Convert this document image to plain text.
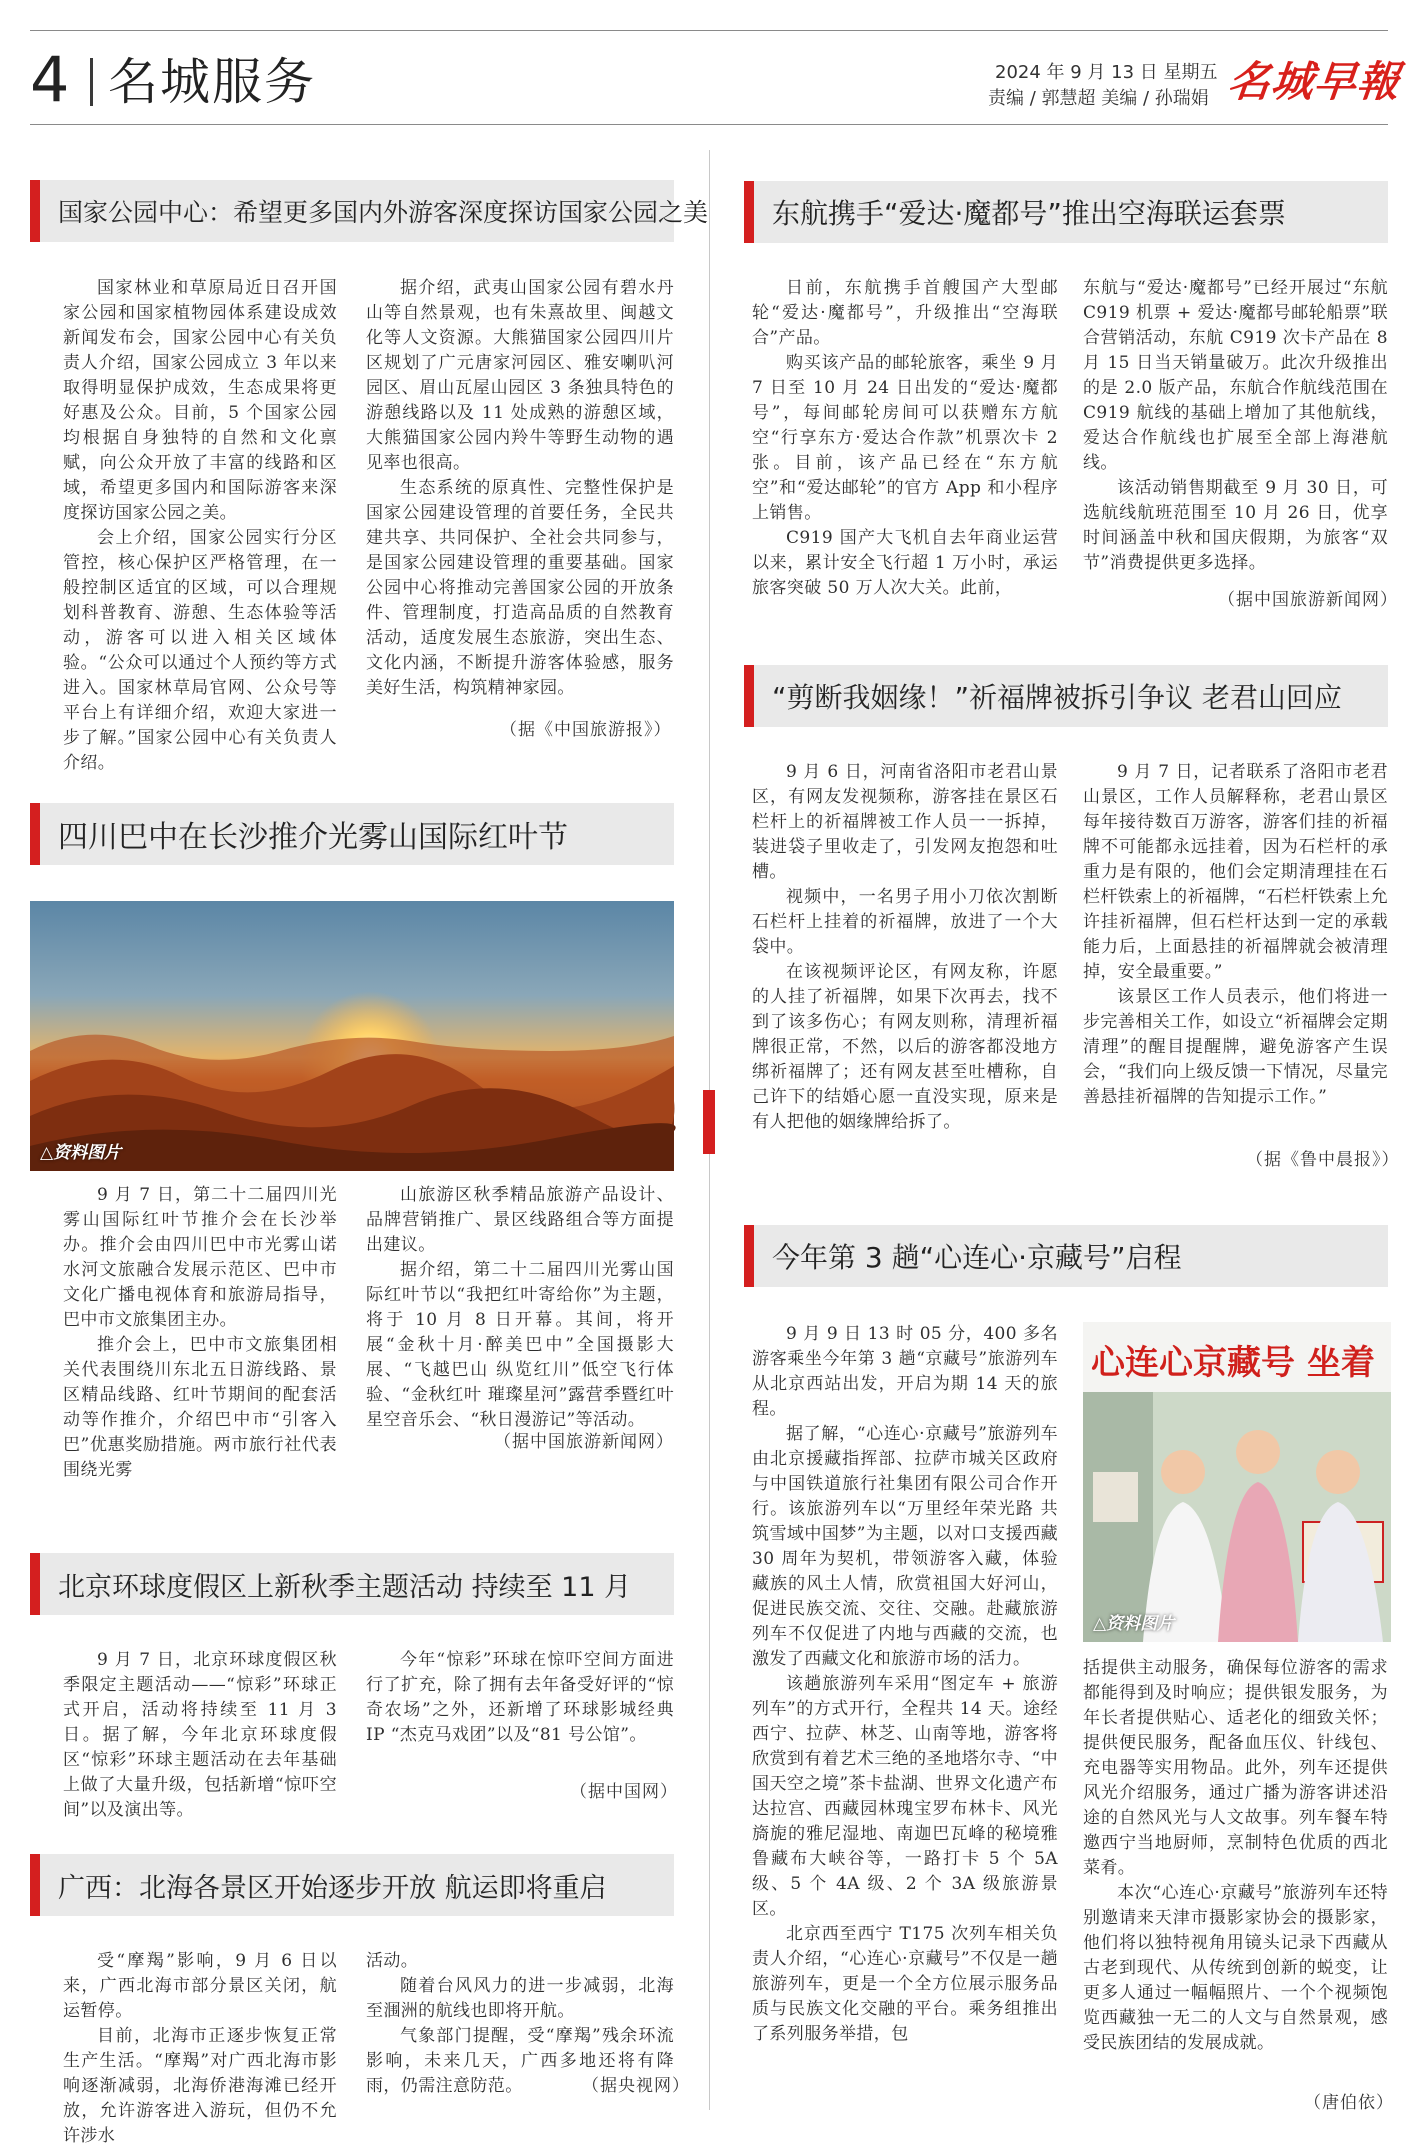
4 名城服务	2024 年 9 月 13 日 星期五
责编 / 郭慧超 美编 / 孙瑞娟 名城早報
国家公园中心：希望更多国内外游客深度探访国家公园之美

国家林业和草原局近日召开国家公园和国家植物园体系建设成效新闻发布会，国家公园中心有关负责人介绍，国家公园成立 3 年以来取得明显保护成效，生态成果将更好惠及公众。目前，5 个国家公园均根据自身独特的自然和文化禀赋，向公众开放了丰富的线路和区域，希望更多国内和国际游客来深度探访国家公园之美。

会上介绍，国家公园实行分区管控，核心保护区严格管理，在一般控制区适宜的区域，可以合理规划科普教育、游憩、生态体验等活动，游客可以进入相关区域体验。“公众可以通过个人预约等方式进入。国家林草局官网、公众号等平台上有详细介绍，欢迎大家进一步了解。”国家公园中心有关负责人介绍。

据介绍，武夷山国家公园有碧水丹山等自然景观，也有朱熹故里、闽越文化等人文资源。大熊猫国家公园四川片区规划了广元唐家河园区、雅安喇叭河园区、眉山瓦屋山园区 3 条独具特色的游憩线路以及 11 处成熟的游憩区域，大熊猫国家公园内羚牛等野生动物的遇见率也很高。

生态系统的原真性、完整性保护是国家公园建设管理的首要任务，全民共建共享、共同保护、全社会共同参与，是国家公园建设管理的重要基础。国家公园中心将推动完善国家公园的开放条件、管理制度，打造高品质的自然教育活动，适度发展生态旅游，突出生态、文化内涵，不断提升游客体验感，服务美好生活，构筑精神家园。

（据《中国旅游报》）
四川巴中在长沙推介光雾山国际红叶节
△资料图片

9 月 7 日，第二十二届四川光雾山国际红叶节推介会在长沙举办。推介会由四川巴中市光雾山诺水河文旅融合发展示范区、巴中市文化广播电视体育和旅游局指导，巴中市文旅集团主办。

推介会上，巴中市文旅集团相关代表围绕川东北五日游线路、景区精品线路、红叶节期间的配套活动等作推介，介绍巴中市“引客入巴”优惠奖励措施。两市旅行社代表围绕光雾

山旅游区秋季精品旅游产品设计、品牌营销推广、景区线路组合等方面提出建议。

据介绍，第二十二届四川光雾山国际红叶节以“我把红叶寄给你”为主题，将于 10 月 8 日开幕。其间，将开展“金秋十月·醉美巴中”全国摄影大展、“飞越巴山 纵览红川”低空飞行体验、“金秋红叶 璀璨星河”露营季暨红叶星空音乐会、“秋日漫游记”等活动。

（据中国旅游新闻网）
北京环球度假区上新秋季主题活动 持续至 11 月

9 月 7 日，北京环球度假区秋季限定主题活动——“惊彩”环球正式开启，活动将持续至 11 月 3 日。据了解，今年北京环球度假区“惊彩”环球主题活动在去年基础上做了大量升级，包括新增“惊吓空间”以及演出等。

今年“惊彩”环球在惊吓空间方面进行了扩充，除了拥有去年备受好评的“惊奇农场”之外，还新增了环球影城经典 IP “杰克马戏团”以及“81 号公馆”。

（据中国网）
广西：北海各景区开始逐步开放 航运即将重启

受“摩羯”影响，9 月 6 日以来，广西北海市部分景区关闭，航运暂停。

目前，北海市正逐步恢复正常生产生活。“摩羯”对广西北海市影响逐渐减弱，北海侨港海滩已经开放，允许游客进入游玩，但仍不允许涉水

活动。

随着台风风力的进一步减弱，北海至涠洲的航线也即将开航。

气象部门提醒，受“摩羯”残余环流影响，未来几天，广西多地还将有降雨，仍需注意防范。	（据央视网）
东航携手“爱达·魔都号”推出空海联运套票

日前，东航携手首艘国产大型邮轮“爱达·魔都号”，升级推出“空海联合”产品。

购买该产品的邮轮旅客，乘坐 9 月 7 日至 10 月 24 日出发的“爱达·魔都号”，每间邮轮房间可以获赠东方航空“行享东方·爱达合作款”机票次卡 2 张。目前，该产品已经在“东方航空”和“爱达邮轮”的官方 App 和小程序上销售。

C919 国产大飞机自去年商业运营以来，累计安全飞行超 1 万小时，承运旅客突破 50 万人次大关。此前，

东航与“爱达·魔都号”已经开展过“东航 C919 机票 + 爱达·魔都号邮轮船票”联合营销活动，东航 C919 次卡产品在 8 月 15 日当天销量破万。此次升级推出的是 2.0 版产品，东航合作航线范围在 C919 航线的基础上增加了其他航线，爱达合作航线也扩展至全部上海港航线。

该活动销售期截至 9 月 30 日，可选航线航班范围至 10 月 26 日，优享时间涵盖中秋和国庆假期，为旅客“双节”消费提供更多选择。

（据中国旅游新闻网）
“剪断我姻缘！”祈福牌被拆引争议 老君山回应

9 月 6 日，河南省洛阳市老君山景区，有网友发视频称，游客挂在景区石栏杆上的祈福牌被工作人员一一拆掉，装进袋子里收走了，引发网友抱怨和吐槽。

视频中，一名男子用小刀依次割断石栏杆上挂着的祈福牌，放进了一个大袋中。

在该视频评论区，有网友称，许愿的人挂了祈福牌，如果下次再去，找不到了该多伤心；有网友则称，清理祈福牌很正常，不然，以后的游客都没地方绑祈福牌了；还有网友甚至吐槽称，自己许下的结婚心愿一直没实现，原来是有人把他的姻缘牌给拆了。

9 月 7 日，记者联系了洛阳市老君山景区，工作人员解释称，老君山景区每年接待数百万游客，游客们挂的祈福牌不可能都永远挂着，因为石栏杆的承重力是有限的，他们会定期清理挂在石栏杆铁索上的祈福牌，“石栏杆铁索上允许挂祈福牌，但石栏杆达到一定的承载能力后，上面悬挂的祈福牌就会被清理掉，安全最重要。”

该景区工作人员表示，他们将进一步完善相关工作，如设立“祈福牌会定期清理”的醒目提醒牌，避免游客产生误会，“我们向上级反馈一下情况，尽量完善悬挂祈福牌的告知提示工作。”

（据《鲁中晨报》）
今年第 3 趟“心连心·京藏号”启程

9 月 9 日 13 时 05 分，400 多名游客乘坐今年第 3 趟“京藏号”旅游列车从北京西站出发，开启为期 14 天的旅程。

据了解，“心连心·京藏号”旅游列车由北京援藏指挥部、拉萨市城关区政府与中国铁道旅行社集团有限公司合作开行。该旅游列车以“万里经年荣光路 共筑雪域中国梦”为主题，以对口支援西藏 30 周年为契机，带领游客入藏，体验藏族的风土人情，欣赏祖国大好河山，促进民族交流、交往、交融。赴藏旅游列车不仅促进了内地与西藏的交流，也激发了西藏文化和旅游市场的活力。

该趟旅游列车采用“图定车 + 旅游列车”的方式开行，全程共 14 天。途经西宁、拉萨、林芝、山南等地，游客将欣赏到有着艺术三绝的圣地塔尔寺、“中国天空之境”茶卡盐湖、世界文化遗产布达拉宫、西藏园林瑰宝罗布林卡、风光旖旎的雅尼湿地、南迦巴瓦峰的秘境雅鲁藏布大峡谷等，一路打卡 5 个 5A 级、5 个 4A 级、2 个 3A 级旅游景区。

北京西至西宁 T175 次列车相关负责人介绍，“心连心·京藏号”不仅是一趟旅游列车，更是一个全方位展示服务品质与民族文化交融的平台。乘务组推出了系列服务举措，包

心连心京藏号 坐着
△资料图片

括提供主动服务，确保每位游客的需求都能得到及时响应；提供银发服务，为年长者提供贴心、适老化的细致关怀；提供便民服务，配备血压仪、针线包、充电器等实用物品。此外，列车还提供风光介绍服务，通过广播为游客讲述沿途的自然风光与人文故事。列车餐车特邀西宁当地厨师，烹制特色优质的西北菜肴。

本次“心连心·京藏号”旅游列车还特别邀请来天津市摄影家协会的摄影家，他们将以独特视角用镜头记录下西藏从古老到现代、从传统到创新的蜕变，让更多人通过一幅幅照片、一个个视频饱览西藏独一无二的人文与自然景观，感受民族团结的发展成就。

（唐伯依）
